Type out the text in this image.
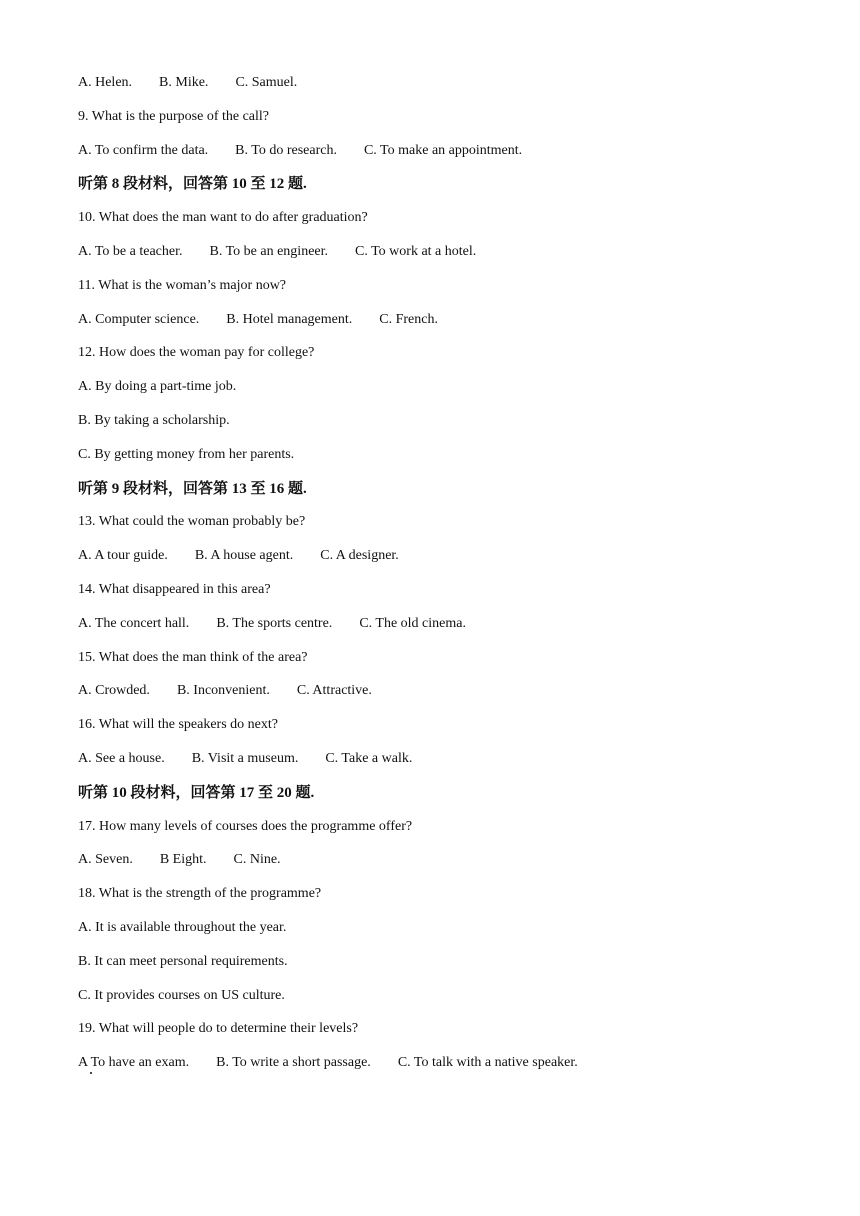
A. Helen. B. Mike. C. Samuel.
9. What is the purpose of the call?
A. To confirm the data. B. To do research. C. To make an appointment.
听第 8 段材料，回答第 10 至 12 题.
10. What does the man want to do after graduation?
A. To be a teacher. B. To be an engineer. C. To work at a hotel.
11. What is the woman’s major now?
A. Computer science. B. Hotel management. C. French.
12. How does the woman pay for college?
A. By doing a part-time job.
B. By taking a scholarship.
C. By getting money from her parents.
听第 9 段材料，回答第 13 至 16 题.
13. What could the woman probably be?
A. A tour guide. B. A house agent. C. A designer.
14. What disappeared in this area?
A. The concert hall. B. The sports centre. C. The old cinema.
15. What does the man think of the area?
A. Crowded. B. Inconvenient. C. Attractive.
16. What will the speakers do next?
A. See a house. B. Visit a museum. C. Take a walk.
听第 10 段材料，回答第 17 至 20 题.
17. How many levels of courses does the programme offer?
A. Seven. B Eight. C. Nine.
18. What is the strength of the programme?
A. It is available throughout the year.
B. It can meet personal requirements.
C. It provides courses on US culture.
19. What will people do to determine their levels?
A To have an exam. B. To write a short passage. C. To talk with a native speaker.
